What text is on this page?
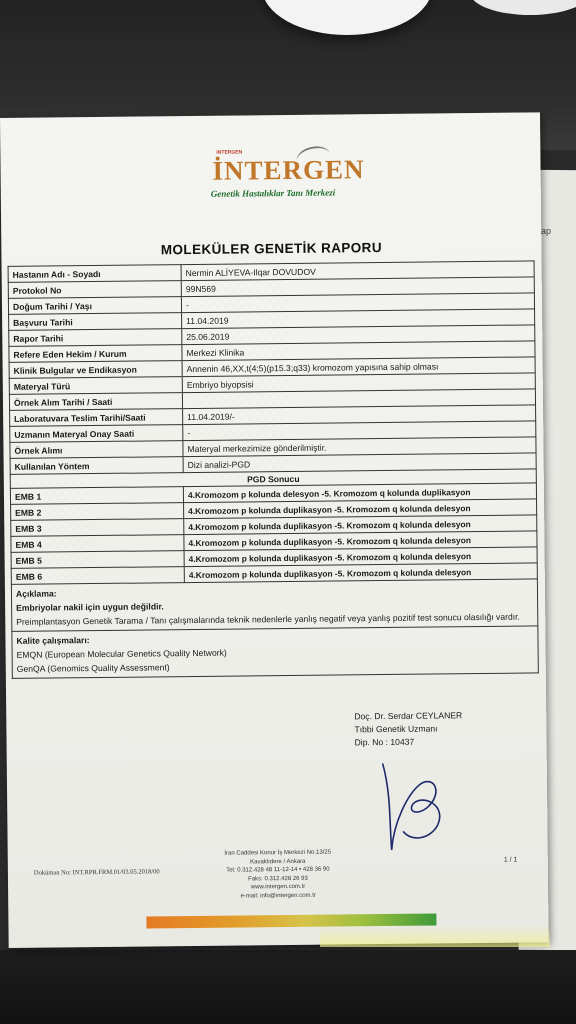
ap
INTERGEN
İNTERGEN
Genetik Hastalıklar Tanı Merkezi
MOLEKÜLER GENETİK RAPORU
Hastanın Adı - Soyadı	Nermin ALİYEVA-Ilqar DOVUDOV
Protokol No	99N569
Doğum Tarihi / Yaşı	-
Başvuru Tarihi	11.04.2019
Rapor Tarihi	25.06.2019
Refere Eden Hekim / Kurum	Merkezi Klinika
Klinik Bulgular ve Endikasyon	Annenin 46,XX,t(4;5)(p15.3;q33) kromozom yapısına sahip olması
Materyal Türü	Embriyo biyopsisi
Örnek Alım Tarihi / Saati	
Laboratuvara Teslim Tarihi/Saati	11.04.2019/-
Uzmanın Materyal Onay Saati	-
Örnek Alımı	Materyal merkezimize gönderilmiştir.
Kullanılan Yöntem	Dizi analizi-PGD
PGD Sonucu	
EMB 1	4.Kromozom p kolunda delesyon -5. Kromozom q kolunda duplikasyon
EMB 2	4.Kromozom p kolunda duplikasyon -5. Kromozom q kolunda delesyon
EMB 3	4.Kromozom p kolunda duplikasyon -5. Kromozom q kolunda delesyon
EMB 4	4.Kromozom p kolunda duplikasyon -5. Kromozom q kolunda delesyon
EMB 5	4.Kromozom p kolunda duplikasyon -5. Kromozom q kolunda delesyon
EMB 6	4.Kromozom p kolunda duplikasyon -5. Kromozom q kolunda delesyon

Açıklama:
Embriyolar nakil için uygun değildir.
Preimplantasyon Genetik Tarama / Tanı çalışmalarında teknik nedenlerle yanlış negatif veya yanlış pozitif test sonucu olasılığı vardır.	

Kalite çalışmaları:
EMQN (European Molecular Genetics Quality Network)
GenQA (Genomics Quality Assessment)	
Doç. Dr. Serdar CEYLANER
Tıbbi Genetik Uzmanı
Dip. No : 10437
Doküman No: INT.RPR.FRM.01/03.05.2018/00
İran Caddesi Konur İş Merkezi No.13/25
Kavaklıdere / Ankara
Tel: 0.312.428 48 11-12-14 • 428 36 90
Faks: 0.312.428 26 93
www.intergen.com.tr
e-mail: info@intergen.com.tr
1 / 1
